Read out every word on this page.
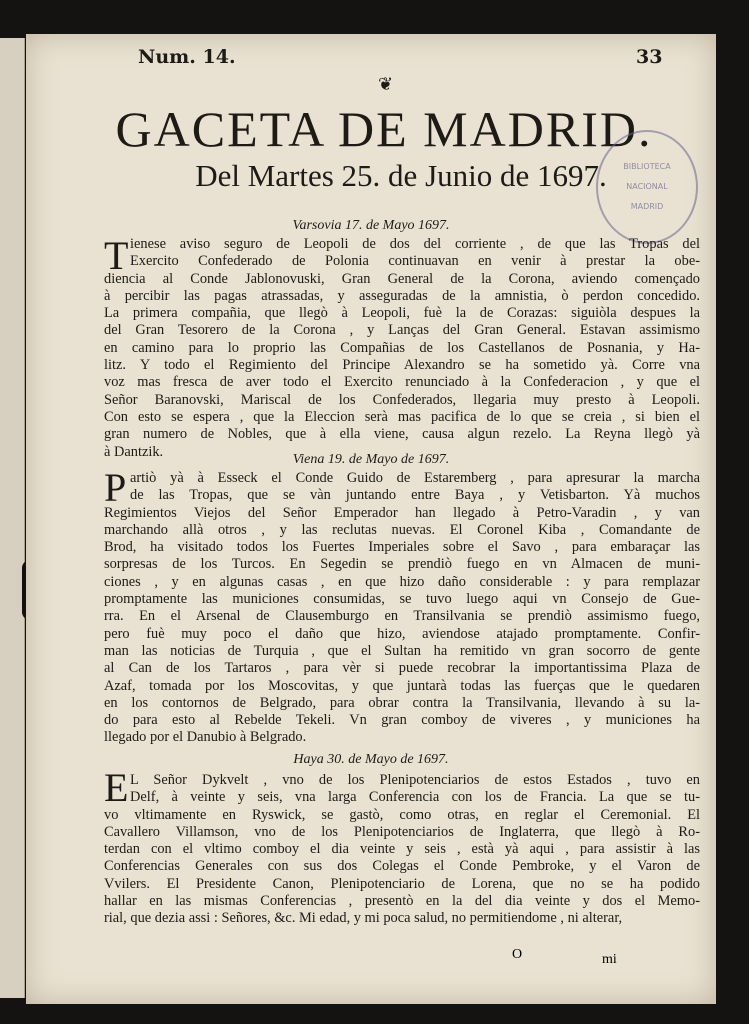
Num. 14.	33
❦
GACETA DE MADRID.
Del Martes 25. de Junio de 1697.	BIBLIOTECA
NACIONAL
MADRID
Varsovia 17. de Mayo 1697.
T ienese aviso seguro de Leopoli de dos del corriente , de que las Tropas del
Exercito Confederado de Polonia continuavan en venir à prestar la obe-
diencia al Conde Jablonovuski, Gran General de la Corona, aviendo començado
à percibir las pagas atrassadas, y asseguradas de la amnistia, ò perdon concedido.
La primera compañia, que llegò à Leopoli, fuè la de Corazas: siguiòla despues la
del Gran Tesorero de la Corona , y Lanças del Gran General. Estavan assimismo
en camino para lo proprio las Compañias de los Castellanos de Posnania, y Ha-
litz. Y todo el Regimiento del Principe Alexandro se ha sometido yà. Corre vna
voz mas fresca de aver todo el Exercito renunciado à la Confederacion , y que el
Señor Baranovski, Mariscal de los Confederados, llegaria muy presto à Leopoli.
Con esto se espera , que la Eleccion serà mas pacifica de lo que se creia , si bien el
gran numero de Nobles, que à ella viene, causa algun rezelo. La Reyna llegò yà
à Dantzik.	Viena 19. de Mayo de 1697.
P artiò yà à Esseck el Conde Guido de Estaremberg , para apresurar la marcha
de las Tropas, que se vàn juntando entre Baya , y Vetisbarton. Yà muchos
Regimientos Viejos del Señor Emperador han llegado à Petro-Varadin , y van
marchando allà otros , y las reclutas nuevas. El Coronel Kiba , Comandante de
Brod, ha visitado todos los Fuertes Imperiales sobre el Savo , para embaraçar las
sorpresas de los Turcos. En Segedin se prendiò fuego en vn Almacen de muni-
ciones , y en algunas casas , en que hizo daño considerable : y para remplazar
promptamente las municiones consumidas, se tuvo luego aqui vn Consejo de Gue-
rra. En el Arsenal de Clausemburgo en Transilvania se prendiò assimismo fuego,
pero fuè muy poco el daño que hizo, aviendose atajado promptamente. Confir-
man las noticias de Turquia , que el Sultan ha remitido vn gran socorro de gente
al Can de los Tartaros , para vèr si puede recobrar la importantissima Plaza de
Azaf, tomada por los Moscovitas, y que juntarà todas las fuerças que le quedaren
en los contornos de Belgrado, para obrar contra la Transilvania, llevando à su la-
do para esto al Rebelde Tekeli. Vn gran comboy de viveres , y municiones ha
llegado por el Danubio à Belgrado.
Haya 30. de Mayo de 1697.
E L Señor Dykvelt , vno de los Plenipotenciarios de estos Estados , tuvo en
Delf, à veinte y seis, vna larga Conferencia con los de Francia. La que se tu-
vo vltimamente en Ryswick, se gastò, como otras, en reglar el Ceremonial. El
Cavallero Villamson, vno de los Plenipotenciarios de Inglaterra, que llegò à Ro-
terdan con el vltimo comboy el dia veinte y seis , està yà aqui , para assistir à las
Conferencias Generales con sus dos Colegas el Conde Pembroke, y el Varon de
Vvilers. El Presidente Canon, Plenipotenciario de Lorena, que no se ha podido
hallar en las mismas Conferencias , presentò en la del dia veinte y dos el Memo-
rial, que dezia assi : Señores, &c. Mi edad, y mi poca salud, no permitiendome , ni alterar,
O	mi
